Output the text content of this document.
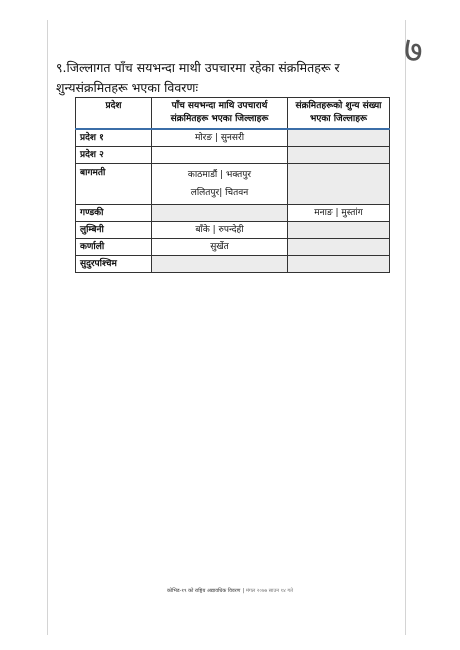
७
९.जिल्लागत पाँच सयभन्दा माथी उपचारमा रहेका संक्रमितहरू र
शुन्यसंक्रमितहरू भएका विवरणः
प्रदेश	पाँच सयभन्दा माथि उपचारार्थ संक्रमितहरू भएका जिल्लाहरू	संक्रमितहरूको शुन्य संख्या भएका जिल्लाहरू
प्रदेश १	मोरङ | सुनसरी	
प्रदेश २		
बागमती	काठमाडौं | भक्तपुर ललितपुर| चितवन	
गण्डकी		मनाङ | मुस्तांग
लुम्बिनी	बाँके | रुपन्देही	
कर्णाली	सुर्खेत	
सुदुरपश्चिम		
कोभिड-१९ को राष्ट्रिय अद्यावधिक विवरण | मंगल २०७७ साउन १४ गते
